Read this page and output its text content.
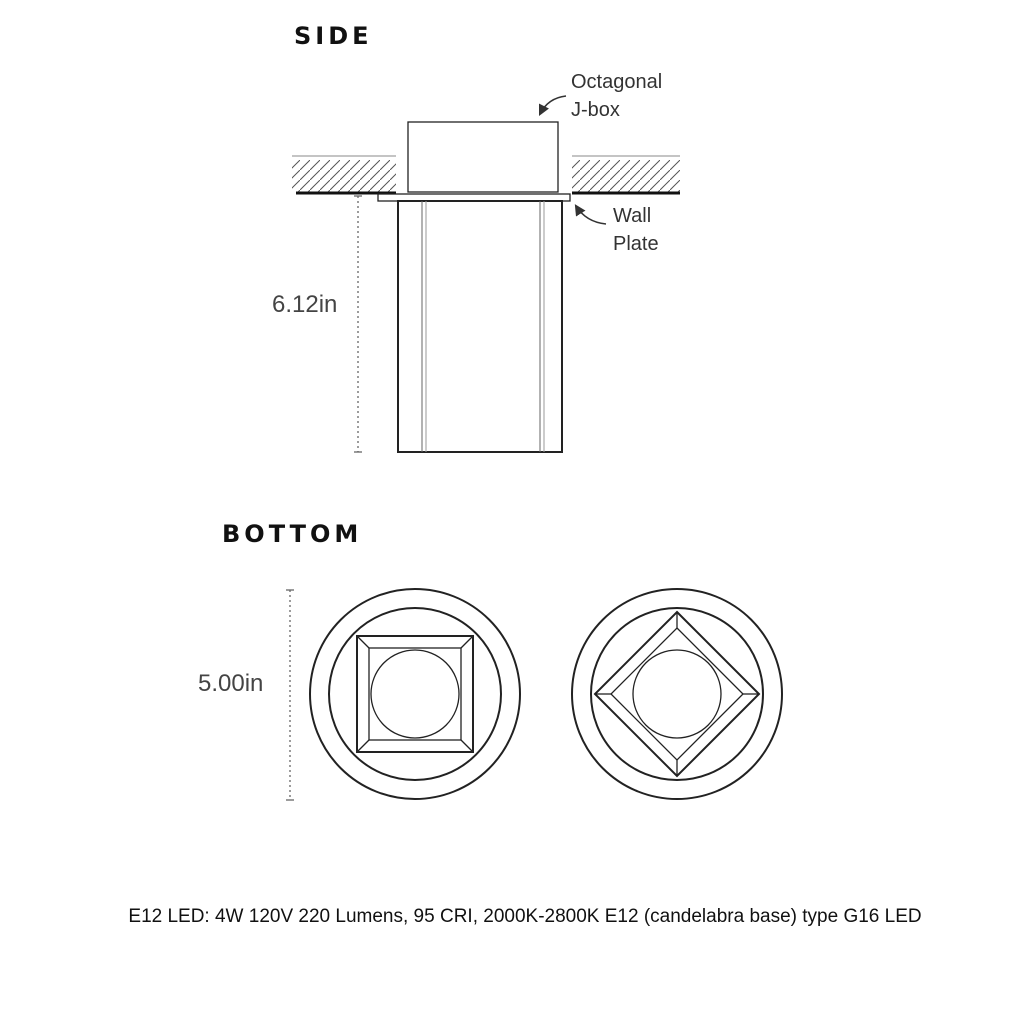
SIDE
Octagonal
J-box
Wall
Plate
6.12in
BOTTOM
5.00in

E12 LED: 4W 120V 220 Lumens, 95 CRI, 2000K-2800K E12 (candelabra base) type G16 LED
